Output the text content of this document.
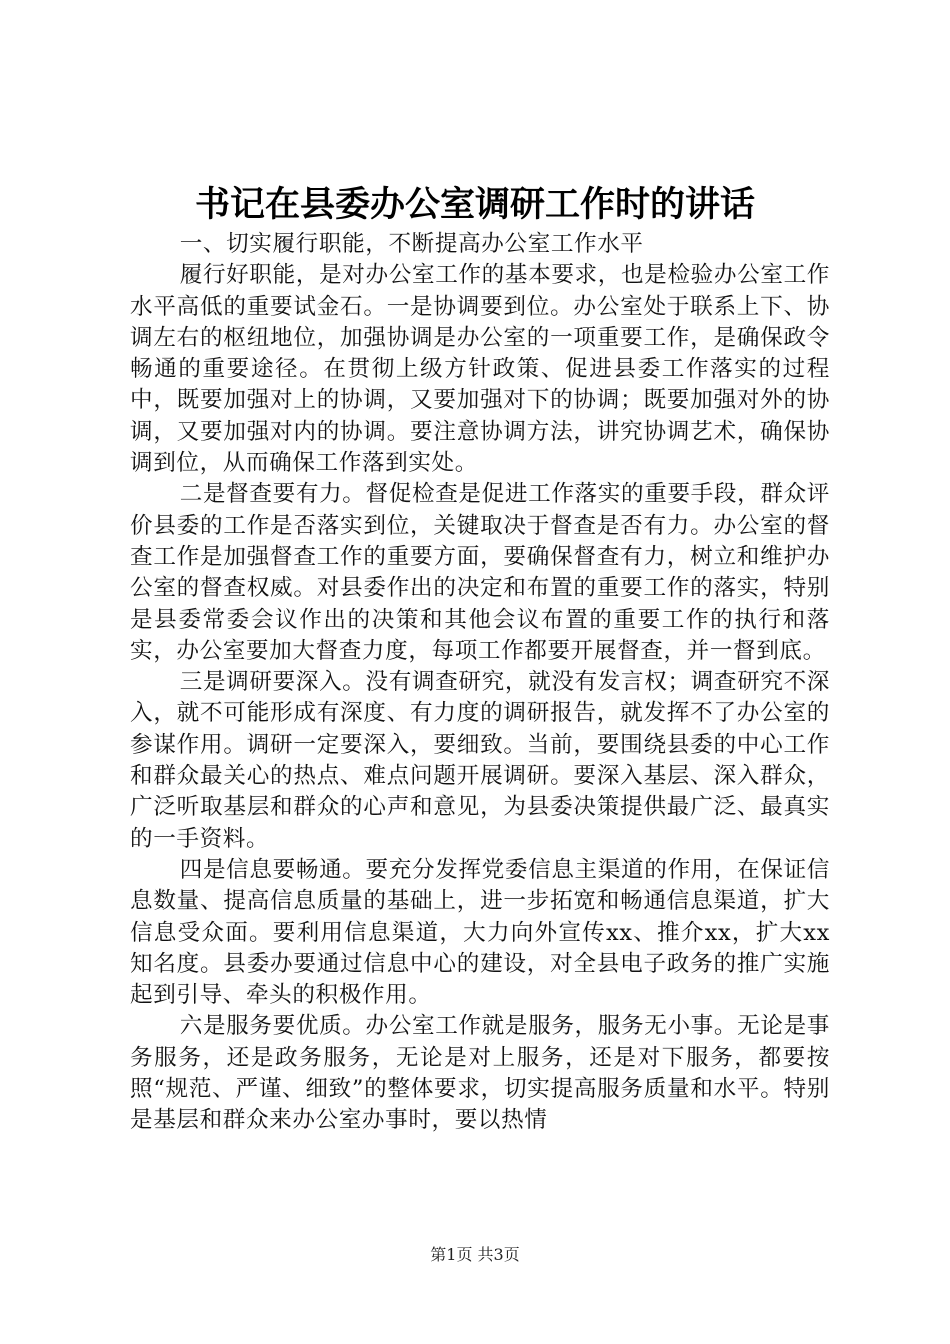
书记在县委办公室调研工作时的讲话

一、切实履行职能，不断提高办公室工作水平

履行好职能，是对办公室工作的基本要求，也是检验办公室工作水平高低的重要试金石。一是协调要到位。办公室处于联系上下、协调左右的枢纽地位，加强协调是办公室的一项重要工作，是确保政令畅通的重要途径。在贯彻上级方针政策、促进县委工作落实的过程中，既要加强对上的协调，又要加强对下的协调；既要加强对外的协调，又要加强对内的协调。要注意协调方法，讲究协调艺术，确保协调到位，从而确保工作落到实处。

二是督查要有力。督促检查是促进工作落实的重要手段，群众评价县委的工作是否落实到位，关键取决于督查是否有力。办公室的督查工作是加强督查工作的重要方面，要确保督查有力，树立和维护办公室的督查权威。对县委作出的决定和布置的重要工作的落实，特别是县委常委会议作出的决策和其他会议布置的重要工作的执行和落实，办公室要加大督查力度，每项工作都要开展督查，并一督到底。

三是调研要深入。没有调查研究，就没有发言权；调查研究不深入，就不可能形成有深度、有力度的调研报告，就发挥不了办公室的参谋作用。调研一定要深入，要细致。当前，要围绕县委的中心工作和群众最关心的热点、难点问题开展调研。要深入基层、深入群众，广泛听取基层和群众的心声和意见，为县委决策提供最广泛、最真实的一手资料。

四是信息要畅通。要充分发挥党委信息主渠道的作用，在保证信息数量、提高信息质量的基础上，进一步拓宽和畅通信息渠道，扩大信息受众面。要利用信息渠道，大力向外宣传xx、推介xx，扩大xx知名度。县委办要通过信息中心的建设，对全县电子政务的推广实施起到引导、牵头的积极作用。

六是服务要优质。办公室工作就是服务，服务无小事。无论是事务服务，还是政务服务，无论是对上服务，还是对下服务，都要按照“规范、严谨、细致”的整体要求，切实提高服务质量和水平。特别是基层和群众来办公室办事时，要以热情

第1页 共3页
